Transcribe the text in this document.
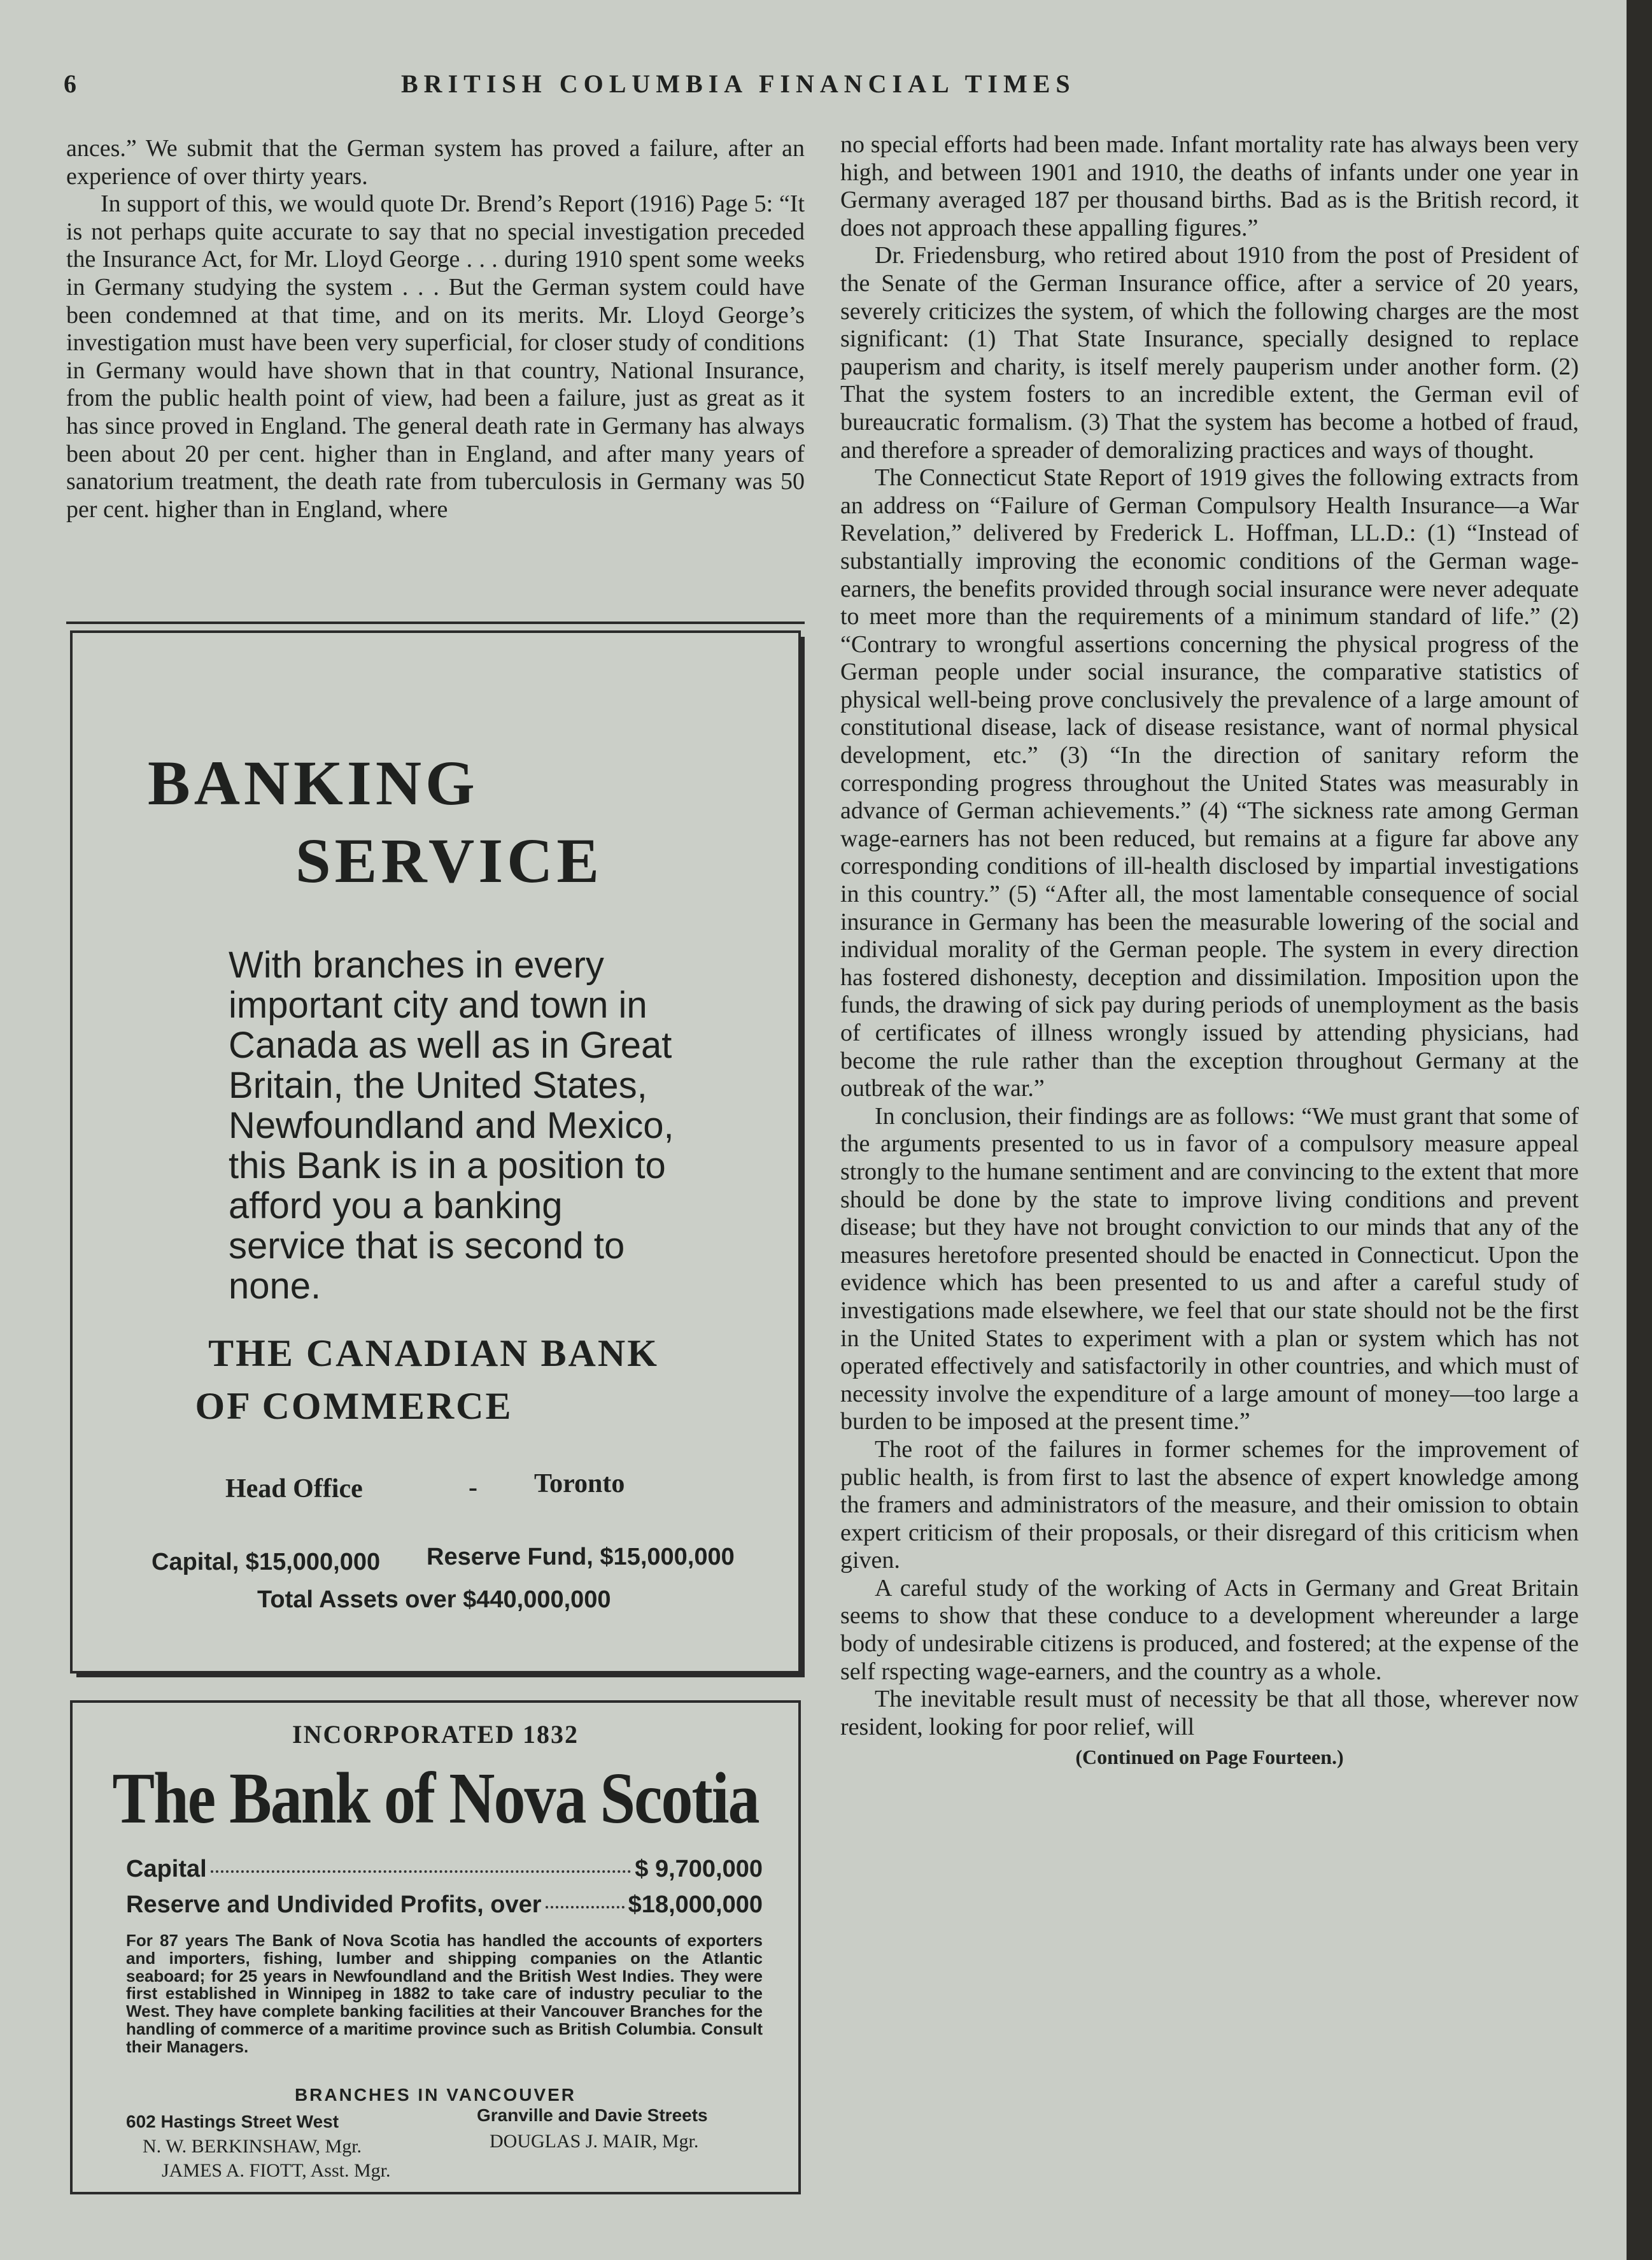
6	BRITISH COLUMBIA FINANCIAL TIMES

ances.” We submit that the German system has proved a failure, after an experience of over thirty years.

In support of this, we would quote Dr. Brend’s Report (1916) Page 5: “It is not perhaps quite accurate to say that no special investigation preceded the Insurance Act, for Mr. Lloyd George . . . during 1910 spent some weeks in Germany studying the system . . . But the German system could have been condemned at that time, and on its merits. Mr. Lloyd George’s investigation must have been very superficial, for closer study of conditions in Germany would have shown that in that country, National Insurance, from the public health point of view, had been a failure, just as great as it has since proved in England. The general death rate in Germany has always been about 20 per cent. higher than in England, and after many years of sanatorium treatment, the death rate from tuberculosis in Germany was 50 per cent. higher than in England, where

BANKING
SERVICE
With branches in every important city and town in Canada as well as in Great Britain, the United States, Newfoundland and Mexico, this Bank is in a position to afford you a banking service that is second to none.
THE CANADIAN BANK
OF COMMERCE
Head Office	- Toronto
Capital, $15,000,000 Reserve Fund, $15,000,000
Total Assets over $440,000,000
INCORPORATED 1832
The Bank of Nova Scotia
Capital	$ 9,700,000
Reserve and Undivided Profits, over	$18,000,000
For 87 years The Bank of Nova Scotia has handled the accounts of exporters and importers, fishing, lumber and shipping companies on the Atlantic seaboard; for 25 years in Newfoundland and the British West Indies. They were first established in Winnipeg in 1882 to take care of industry peculiar to the West. They have complete banking facilities at their Vancouver Branches for the handling of commerce of a maritime province such as British Columbia. Consult their Managers.
BRANCHES IN VANCOUVER
602 Hastings Street West	Granville and Davie Streets
N. W. BERKINSHAW, Mgr.	DOUGLAS J. MAIR, Mgr.
JAMES A. FIOTT, Asst. Mgr.

no special efforts had been made. Infant mortality rate has always been very high, and between 1901 and 1910, the deaths of infants under one year in Germany averaged 187 per thousand births. Bad as is the British record, it does not approach these appalling figures.”

Dr. Friedensburg, who retired about 1910 from the post of President of the Senate of the German Insurance office, after a service of 20 years, severely criticizes the system, of which the following charges are the most significant: (1) That State Insurance, specially designed to replace pauperism and charity, is itself merely pauperism under another form. (2) That the system fosters to an incredible extent, the German evil of bureaucratic formalism. (3) That the system has become a hotbed of fraud, and therefore a spreader of demoralizing practices and ways of thought.

The Connecticut State Report of 1919 gives the following extracts from an address on “Failure of German Compulsory Health Insurance—a War Revelation,” delivered by Frederick L. Hoffman, LL.D.: (1) “Instead of substantially improving the economic conditions of the German wage-earners, the benefits provided through social insurance were never adequate to meet more than the requirements of a minimum standard of life.” (2) “Contrary to wrongful assertions concerning the physical progress of the German people under social insurance, the comparative statistics of physical well-being prove conclusively the prevalence of a large amount of constitutional disease, lack of disease resistance, want of normal physical development, etc.” (3) “In the direction of sanitary reform the corresponding progress throughout the United States was measurably in advance of German achievements.” (4) “The sickness rate among German wage-earners has not been reduced, but remains at a figure far above any corresponding conditions of ill-health disclosed by impartial investigations in this country.” (5) “After all, the most lamentable consequence of social insurance in Germany has been the measurable lowering of the social and individual morality of the German people. The system in every direction has fostered dishonesty, deception and dissimilation. Imposition upon the funds, the drawing of sick pay during periods of unemployment as the basis of certificates of illness wrongly issued by attending physicians, had become the rule rather than the exception throughout Germany at the outbreak of the war.”

In conclusion, their findings are as follows: “We must grant that some of the arguments presented to us in favor of a compulsory measure appeal strongly to the humane sentiment and are convincing to the extent that more should be done by the state to improve living conditions and prevent disease; but they have not brought conviction to our minds that any of the measures heretofore presented should be enacted in Connecticut. Upon the evidence which has been presented to us and after a careful study of investigations made elsewhere, we feel that our state should not be the first in the United States to experiment with a plan or system which has not operated effectively and satisfactorily in other countries, and which must of necessity involve the expenditure of a large amount of money—too large a burden to be imposed at the present time.”

The root of the failures in former schemes for the improvement of public health, is from first to last the absence of expert knowledge among the framers and administrators of the measure, and their omission to obtain expert criticism of their proposals, or their disregard of this criticism when given.

A careful study of the working of Acts in Germany and Great Britain seems to show that these conduce to a development whereunder a large body of undesirable citizens is produced, and fostered; at the expense of the self rspecting wage-earners, and the country as a whole.

The inevitable result must of necessity be that all those, wherever now resident, looking for poor relief, will

(Continued on Page Fourteen.)
